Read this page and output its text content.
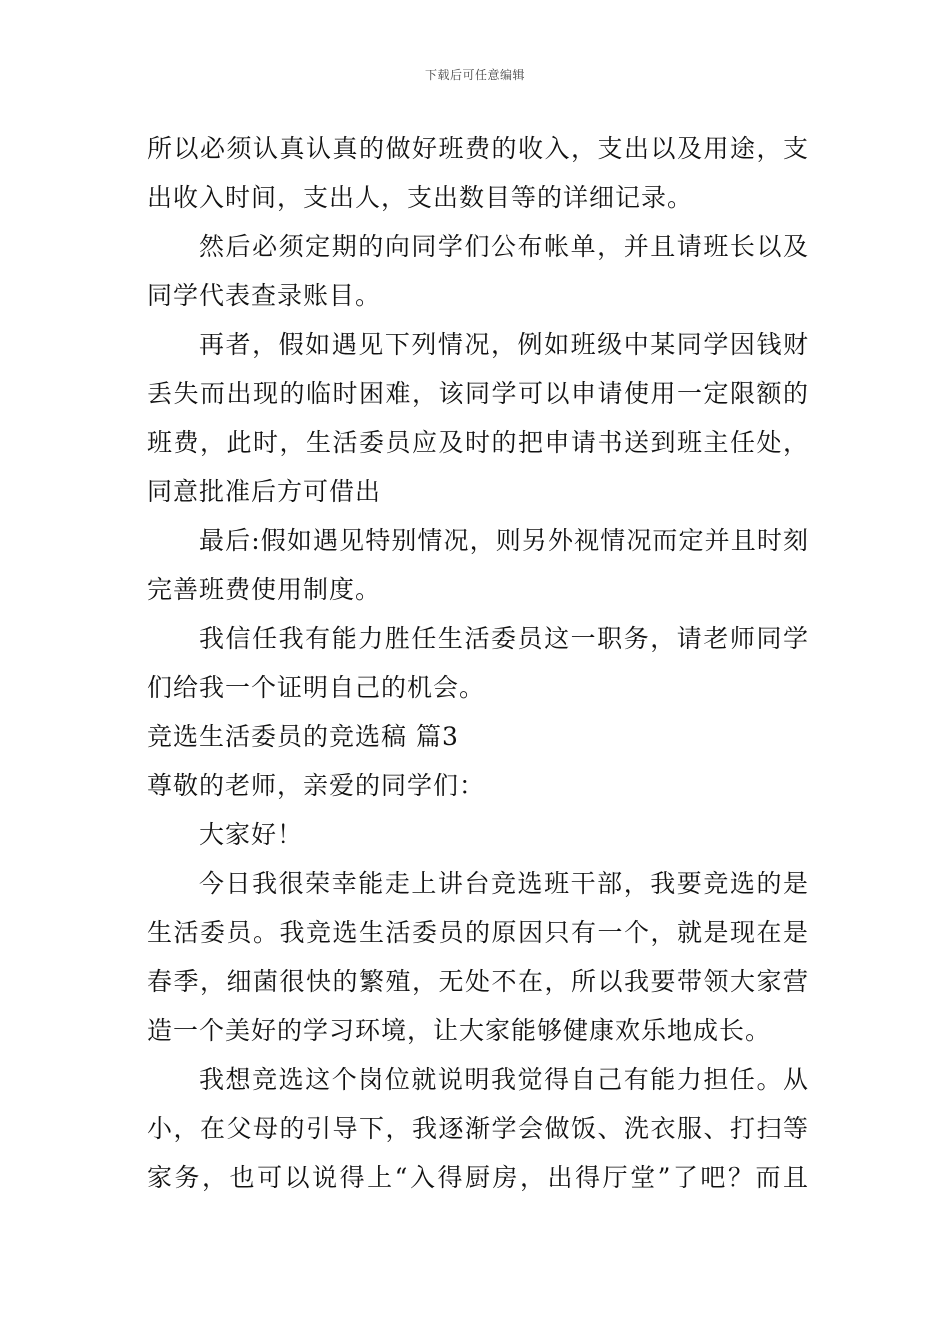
下载后可任意编辑
所以必须认真认真的做好班费的收入，支出以及用途，支
出收入时间，支出人，支出数目等的详细记录。
然后必须定期的向同学们公布帐单，并且请班长以及
同学代表查录账目。
再者，假如遇见下列情况，例如班级中某同学因钱财
丢失而出现的临时困难，该同学可以申请使用一定限额的
班费，此时，生活委员应及时的把申请书送到班主任处，
同意批准后方可借出
最后:假如遇见特别情况，则另外视情况而定并且时刻
完善班费使用制度。
我信任我有能力胜任生活委员这一职务，请老师同学
们给我一个证明自己的机会。
竞选生活委员的竞选稿 篇3
尊敬的老师，亲爱的同学们：
大家好！
今日我很荣幸能走上讲台竞选班干部，我要竞选的是
生活委员。我竞选生活委员的原因只有一个，就是现在是
春季，细菌很快的繁殖，无处不在，所以我要带领大家营
造一个美好的学习环境，让大家能够健康欢乐地成长。
我想竞选这个岗位就说明我觉得自己有能力担任。从
小，在父母的引导下，我逐渐学会做饭、洗衣服、打扫等
家务，也可以说得上“入得厨房，出得厅堂”了吧？而且
